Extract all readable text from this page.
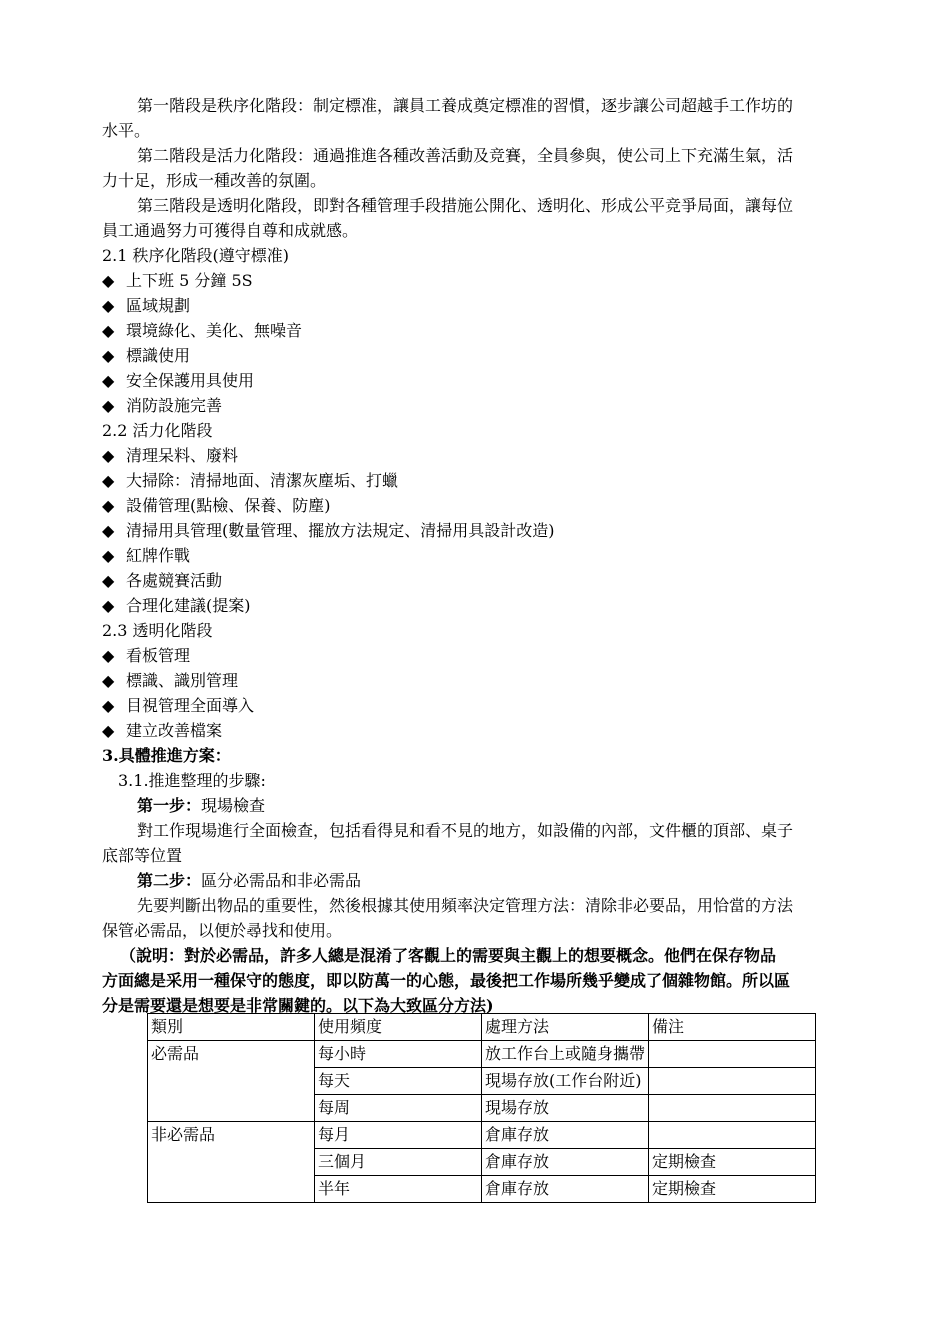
第一階段是秩序化階段：制定標准，讓員工養成奠定標准的習慣，逐步讓公司超越手工作坊的
水平。
第二階段是活力化階段：通過推進各種改善活動及竞賽，全員參與，使公司上下充滿生氣，活
力十足，形成一種改善的氛圍。
第三階段是透明化階段，即對各種管理手段措施公開化、透明化、形成公平竞爭局面，讓每位
員工通過努力可獲得自尊和成就感。
2.1 秩序化階段(遵守標准)
◆ 上下班 5 分鐘 5S
◆ 區域規劃
◆ 環境綠化、美化、無噪音
◆ 標識使用
◆ 安全保護用具使用
◆ 消防設施完善
2.2 活力化階段
◆ 清理呆料、廢料
◆ 大掃除：清掃地面、清潔灰塵垢、打蠟
◆ 設備管理(點檢、保養、防塵)
◆ 清掃用具管理(數量管理、擺放方法規定、清掃用具設計改造)
◆ 紅牌作戰
◆ 各處競賽活動
◆ 合理化建議(提案)
2.3 透明化階段
◆ 看板管理
◆ 標識、識別管理
◆ 目視管理全面導入
◆ 建立改善檔案
3.具體推進方案：
3.1.推進整理的步驟:
第一步：現場檢查
對工作現場進行全面檢查，包括看得見和看不見的地方，如設備的內部，文件櫃的頂部、桌子
底部等位置
第二步：區分必需品和非必需品
先要判斷出物品的重要性，然後根據其使用頻率決定管理方法：清除非必要品，用恰當的方法
保管必需品，以便於尋找和使用。
（說明：對於必需品，許多人總是混淆了客觀上的需要與主觀上的想要概念。他們在保存物品
方面總是采用一種保守的態度，即以防萬一的心態，最後把工作場所幾乎變成了個雜物館。所以區
分是需要還是想要是非常關鍵的。以下為大致區分方法)
類別	使用頻度	處理方法	備注
必需品	每小時	放工作台上或隨身攜帶	
	每天	現場存放(工作台附近)	
	每周	現場存放	
非必需品	每月	倉庫存放	
	三個月	倉庫存放	定期檢查
	半年	倉庫存放	定期檢查
